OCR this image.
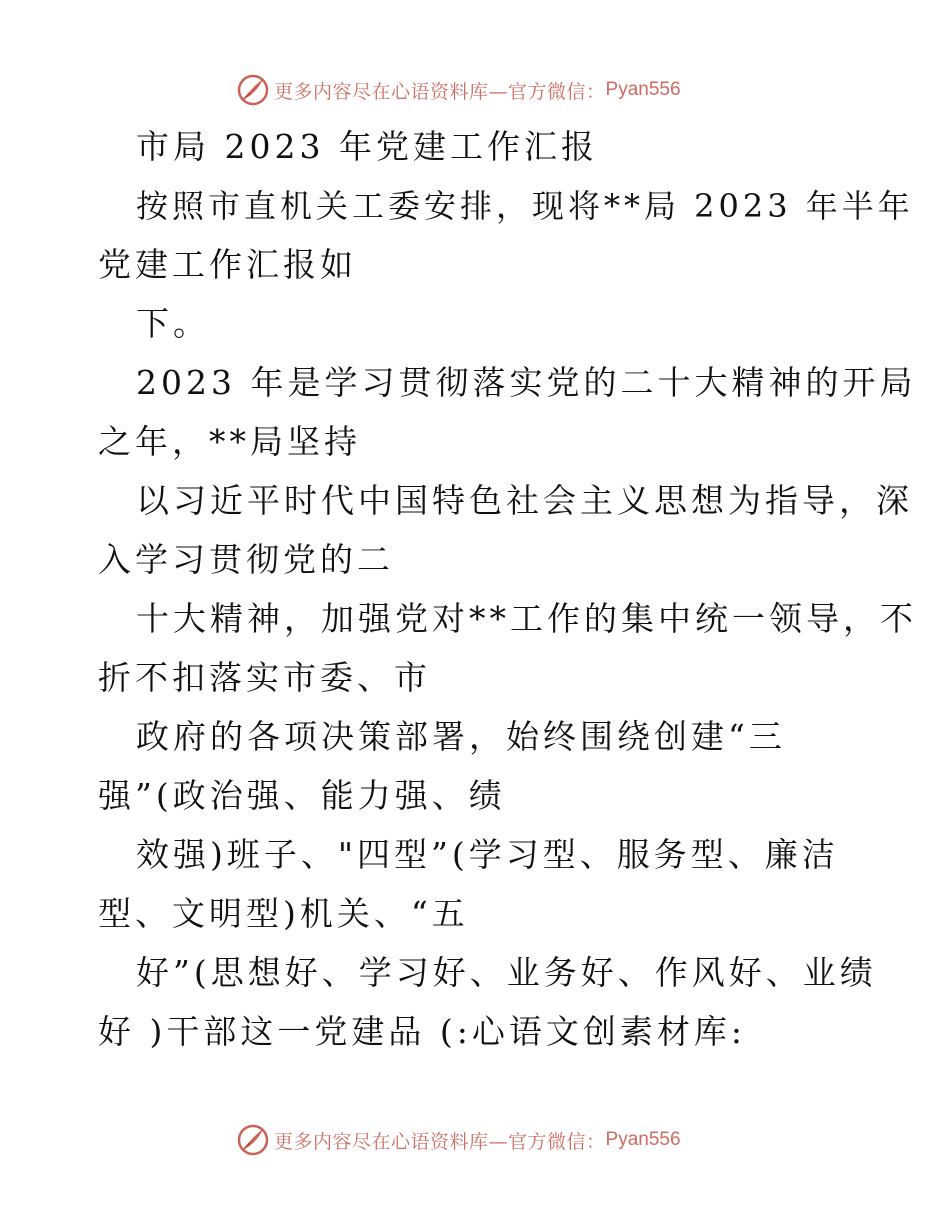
更多内容尽在心语资料库—官方微信： Pyan556
市局 2023 年党建工作汇报
按照市直机关工委安排，现将**局 2023 年半年
党建工作汇报如
下。
2023 年是学习贯彻落实党的二十大精神的开局
之年，**局坚持
以习近平时代中国特色社会主义思想为指导，深
入学习贯彻党的二
十大精神，加强党对**工作的集中统一领导，不
折不扣落实市委、市
政府的各项决策部署，始终围绕创建“三
强”(政治强、能力强、绩
效强)班子、"四型”(学习型、服务型、廉洁
型、文明型)机关、“五
好”(思想好、学习好、业务好、作风好、业绩
好 )干部这一党建品 (:心语文创素材库:
更多内容尽在心语资料库—官方微信： Pyan556
